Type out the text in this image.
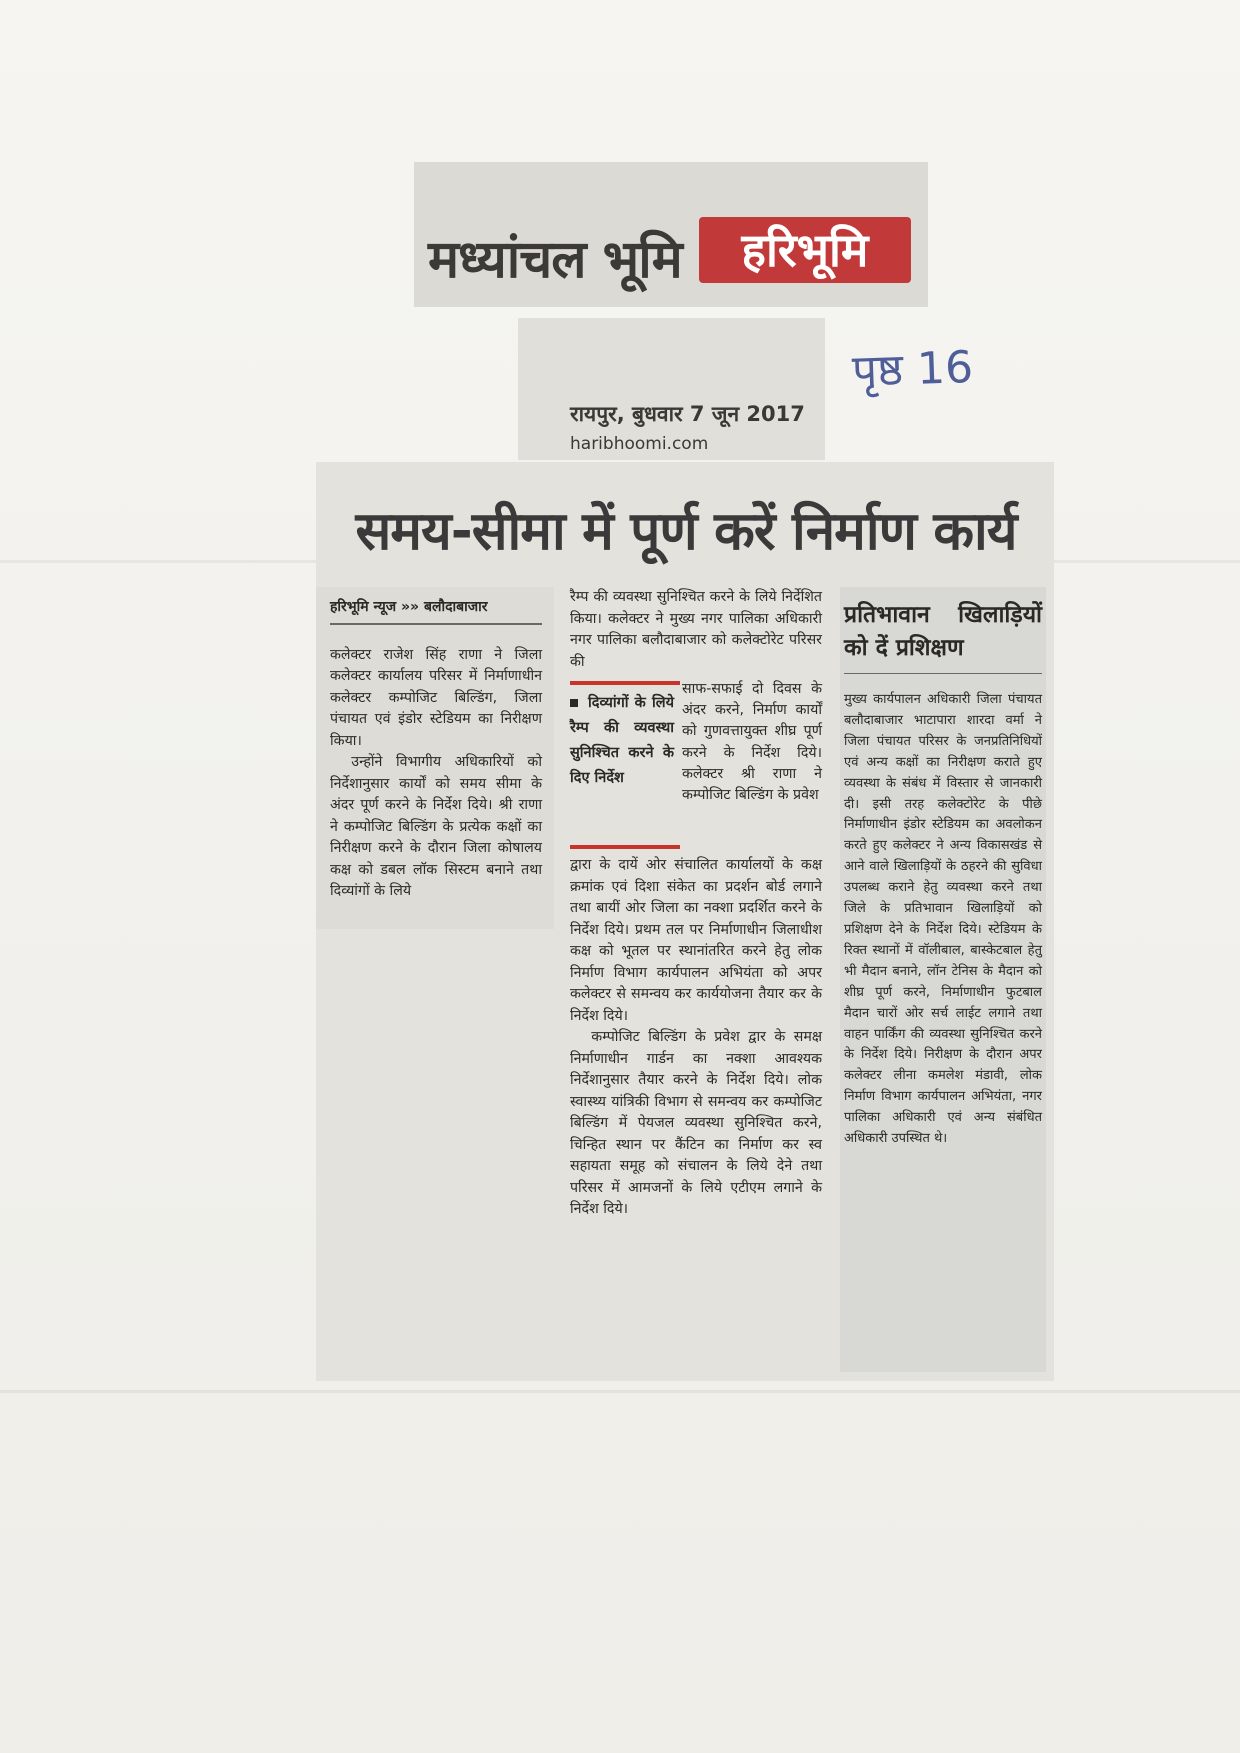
मध्यांचल भूमि	हरिभूमि
पृष्ठ 16
रायपुर, बुधवार 7 जून 2017
haribhoomi.com
समय-सीमा में पूर्ण करें निर्माण कार्य
हरिभूमि न्यूज »» बलौदाबाजार

कलेक्टर राजेश सिंह राणा ने जिला कलेक्टर कार्यालय परिसर में निर्माणाधीन कलेक्टर कम्पोजिट बिल्डिंग, जिला पंचायत एवं इंडोर स्टेडियम का निरीक्षण किया।

उन्होंने विभागीय अधिकारियों को निर्देशानुसार कार्यों को समय सीमा के अंदर पूर्ण करने के निर्देश दिये। श्री राणा ने कम्पोजिट बिल्डिंग के प्रत्येक कक्षों का निरीक्षण करने के दौरान जिला कोषालय कक्ष को डबल लॉक सिस्टम बनाने तथा दिव्यांगों के लिये

रैम्प की व्यवस्था सुनिश्चित करने के लिये निर्देशित किया। कलेक्टर ने मुख्य नगर पालिका अधिकारी नगर पालिका बलौदाबाजार को कलेक्टोरेट परिसर की

दिव्यांगों के लिये रैम्प की व्यवस्था सुनिश्चित करने के दिए निर्देश
साफ-सफाई दो दिवस के अंदर करने, निर्माण कार्यों को गुणवत्तायुक्त शीघ्र पूर्ण करने के निर्देश दिये। कलेक्टर श्री राणा ने कम्पोजिट बिल्डिंग के प्रवेश

द्वारा के दायें ओर संचालित कार्यालयों के कक्ष क्रमांक एवं दिशा संकेत का प्रदर्शन बोर्ड लगाने तथा बायीं ओर जिला का नक्शा प्रदर्शित करने के निर्देश दिये। प्रथम तल पर निर्माणाधीन जिलाधीश कक्ष को भूतल पर स्थानांतरित करने हेतु लोक निर्माण विभाग कार्यपालन अभियंता को अपर कलेक्टर से समन्वय कर कार्ययोजना तैयार कर के निर्देश दिये।

कम्पोजिट बिल्डिंग के प्रवेश द्वार के समक्ष निर्माणाधीन गार्डन का नक्शा आवश्यक निर्देशानुसार तैयार करने के निर्देश दिये। लोक स्वास्थ्य यांत्रिकी विभाग से समन्वय कर कम्पोजिट बिल्डिंग में पेयजल व्यवस्था सुनिश्चित करने, चिन्हित स्थान पर कैंटिन का निर्माण कर स्व सहायता समूह को संचालन के लिये देने तथा परिसर में आमजनों के लिये एटीएम लगाने के निर्देश दिये।

प्रतिभावान खिलाड़ियों को दें प्रशिक्षण

मुख्य कार्यपालन अधिकारी जिला पंचायत बलौदाबाजार भाटापारा शारदा वर्मा ने जिला पंचायत परिसर के जनप्रतिनिधियों एवं अन्य कक्षों का निरीक्षण कराते हुए व्यवस्था के संबंध में विस्तार से जानकारी दी। इसी तरह कलेक्टोरेट के पीछे निर्माणाधीन इंडोर स्टेडियम का अवलोकन करते हुए कलेक्टर ने अन्य विकासखंड से आने वाले खिलाड़ियों के ठहरने की सुविधा उपलब्ध कराने हेतु व्यवस्था करने तथा जिले के प्रतिभावान खिलाड़ियों को प्रशिक्षण देने के निर्देश दिये। स्टेडियम के रिक्त स्थानों में वॉलीबाल, बास्केटबाल हेतु भी मैदान बनाने, लॉन टेनिस के मैदान को शीघ्र पूर्ण करने, निर्माणाधीन फुटबाल मैदान चारों ओर सर्च लाईट लगाने तथा वाहन पार्किंग की व्यवस्था सुनिश्चित करने के निर्देश दिये। निरीक्षण के दौरान अपर कलेक्टर लीना कमलेश मंडावी, लोक निर्माण विभाग कार्यपालन अभियंता, नगर पालिका अधिकारी एवं अन्य संबंधित अधिकारी उपस्थित थे।
